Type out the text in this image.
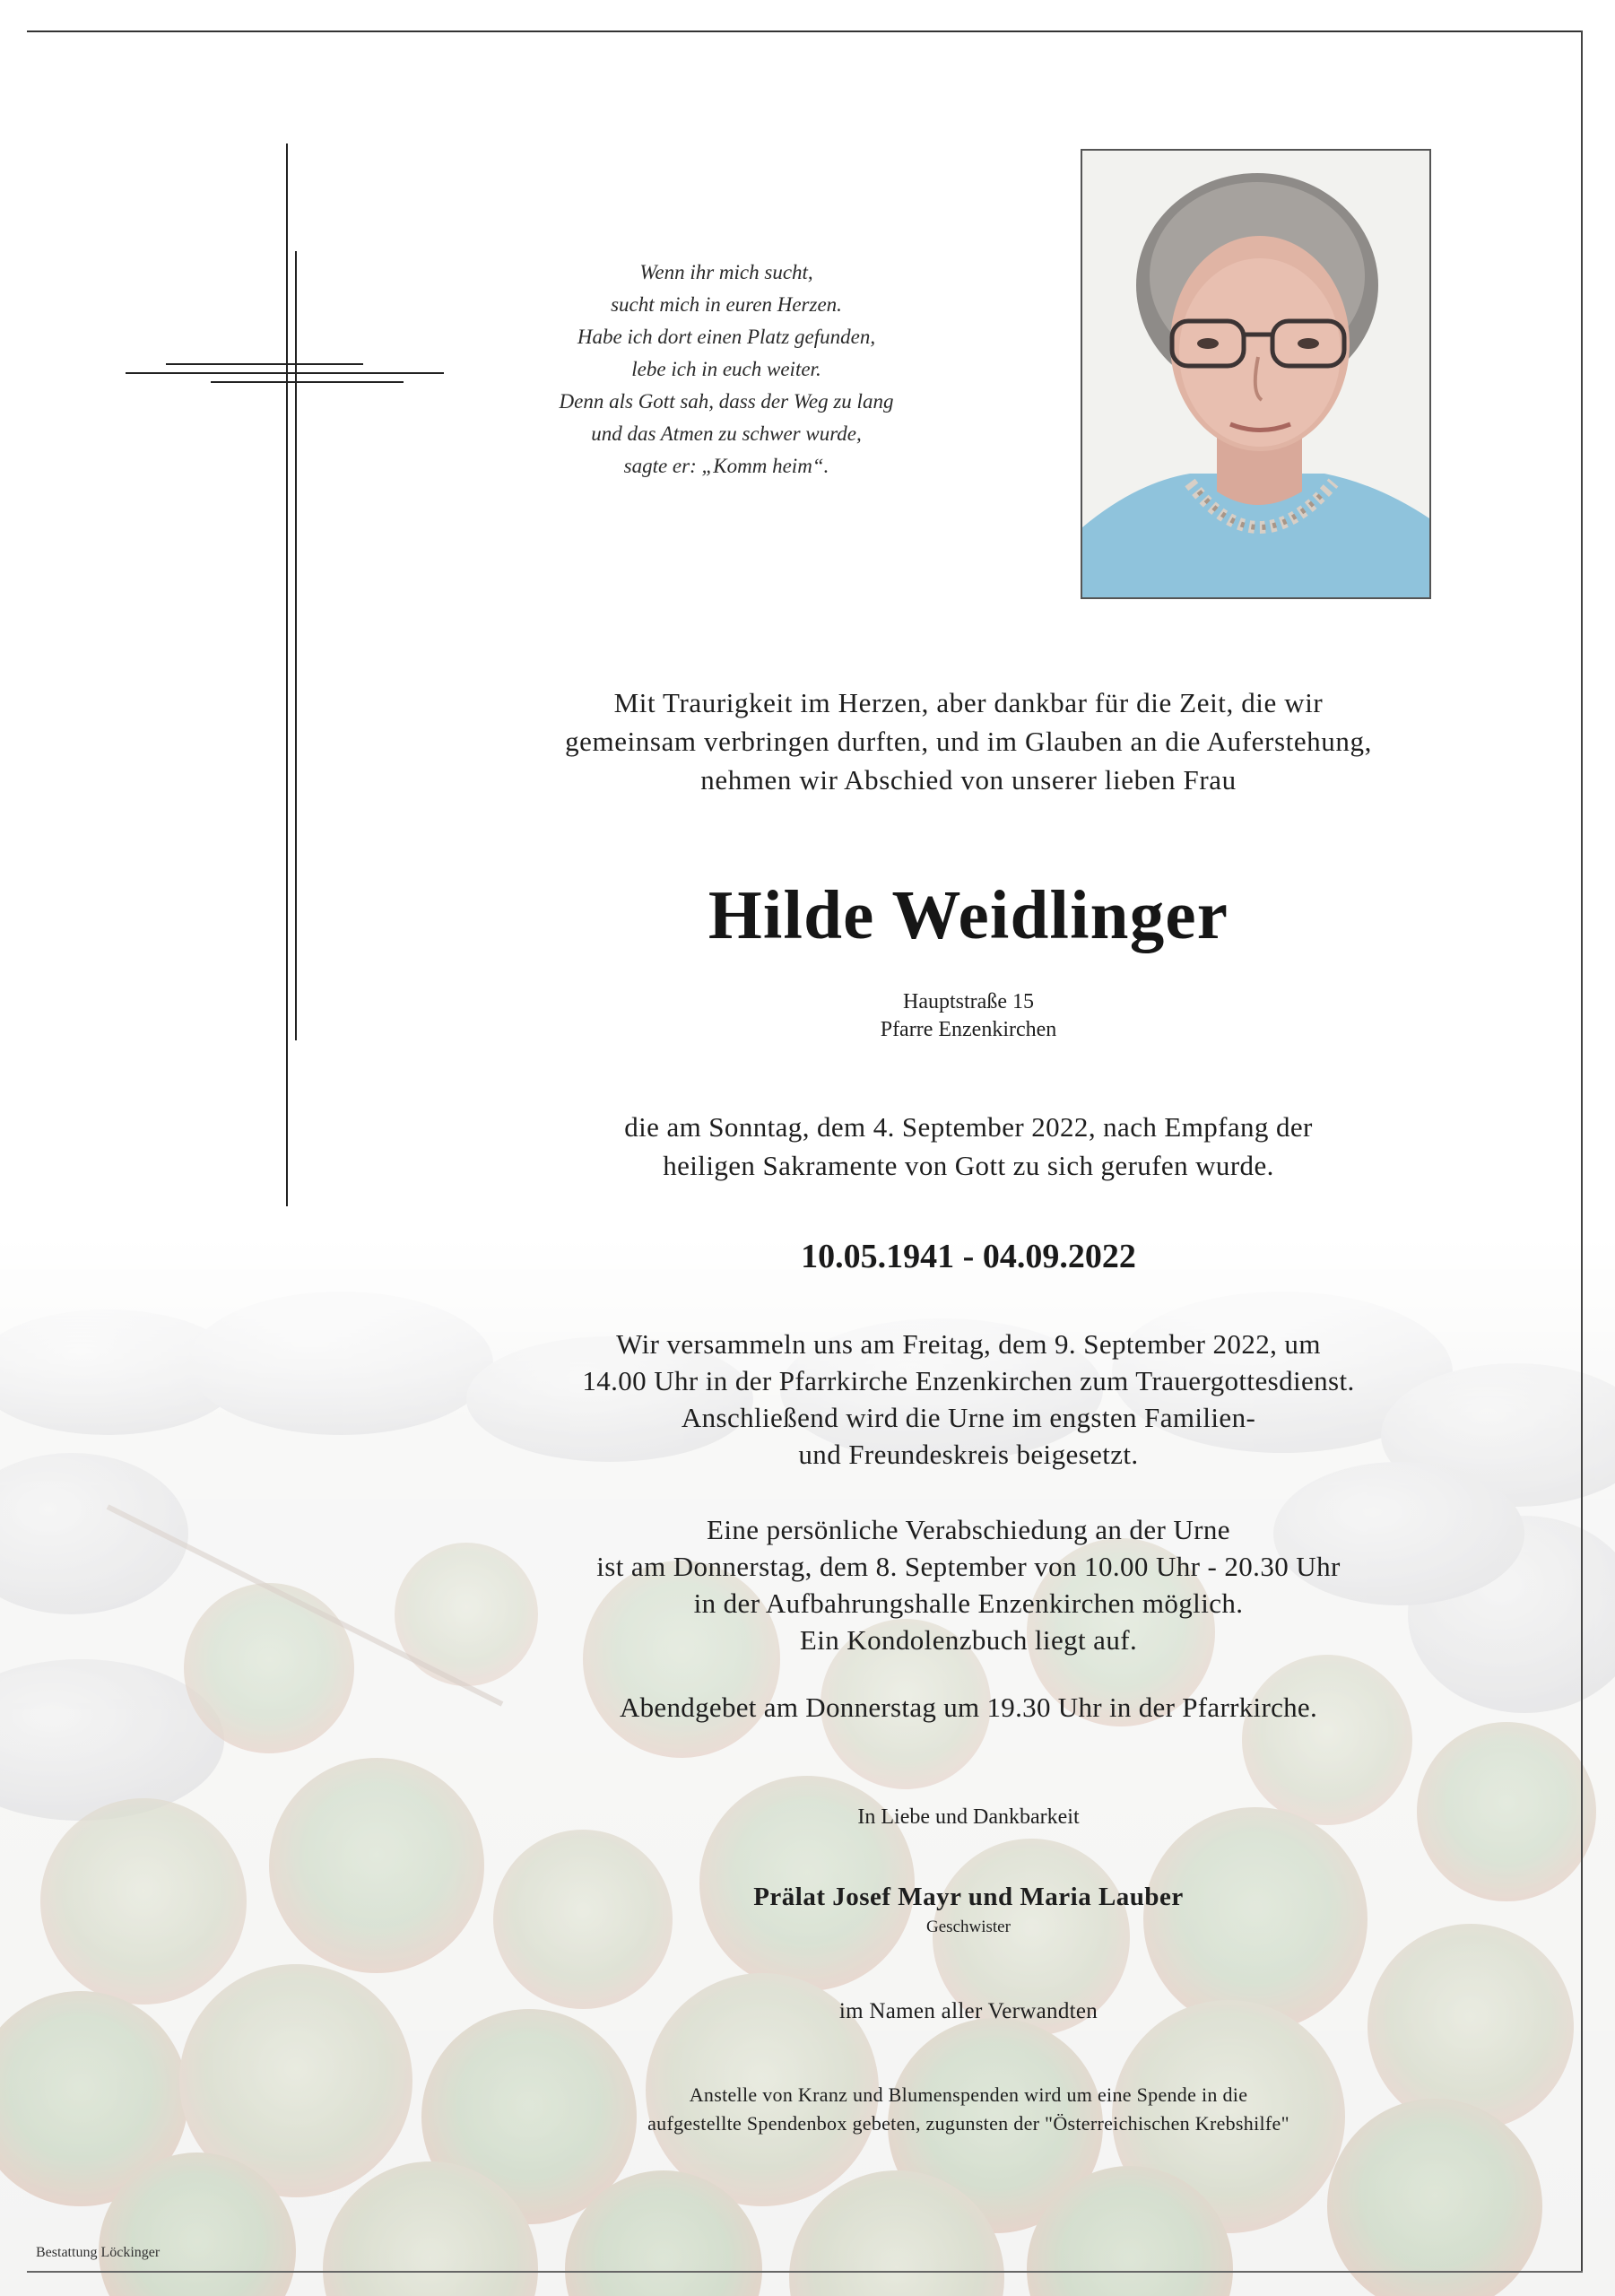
Wenn ihr mich sucht,
sucht mich in euren Herzen.
Habe ich dort einen Platz gefunden,
lebe ich in euch weiter.
Denn als Gott sah, dass der Weg zu lang
und das Atmen zu schwer wurde,
sagte er: „Komm heim“.
Mit Traurigkeit im Herzen, aber dankbar für die Zeit, die wir
gemeinsam verbringen durften, und im Glauben an die Auferstehung,
nehmen wir Abschied von unserer lieben Frau
Hilde Weidlinger
Hauptstraße 15
Pfarre Enzenkirchen
die am Sonntag, dem 4. September 2022, nach Empfang der
heiligen Sakramente von Gott zu sich gerufen wurde.
10.05.1941 - 04.09.2022
Wir versammeln uns am Freitag, dem 9. September 2022, um
14.00 Uhr in der Pfarrkirche Enzenkirchen zum Trauergottesdienst.
Anschließend wird die Urne im engsten Familien-
und Freundeskreis beigesetzt.
Eine persönliche Verabschiedung an der Urne
ist am Donnerstag, dem 8. September von 10.00 Uhr - 20.30 Uhr
in der Aufbahrungshalle Enzenkirchen möglich.
Ein Kondolenzbuch liegt auf.
Abendgebet am Donnerstag um 19.30 Uhr in der Pfarrkirche.
In Liebe und Dankbarkeit
Prälat Josef Mayr und Maria Lauber
Geschwister
im Namen aller Verwandten
Anstelle von Kranz und Blumenspenden wird um eine Spende in die
aufgestellte Spendenbox gebeten, zugunsten der "Österreichischen Krebshilfe"
Bestattung Löckinger
